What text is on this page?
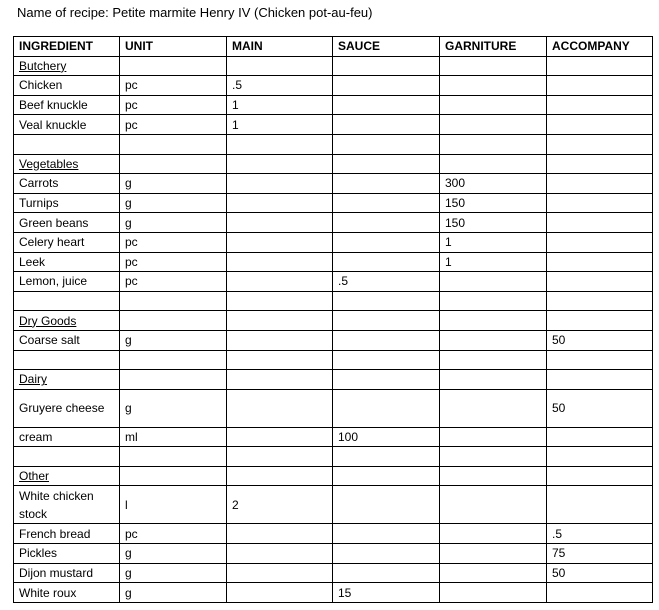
Name of recipe: Petite marmite Henry IV (Chicken pot-au-feu)
INGREDIENT	UNIT	MAIN	SAUCE	GARNITURE	ACCOMPANY
Butchery					
Chicken	pc	.5			
Beef knuckle	pc	1			
Veal knuckle	pc	1			

Vegetables					
Carrots	g			300	
Turnips	g			150	
Green beans	g			150	
Celery heart	pc			1	
Leek	pc			1	
Lemon, juice	pc		.5		

Dry Goods					
Coarse salt	g				50

Dairy					
Gruyere cheese	g				50
cream	ml		100		

Other					
White chicken stock	l	2			
French bread	pc				.5
Pickles	g				75
Dijon mustard	g				50
White roux	g		15		
